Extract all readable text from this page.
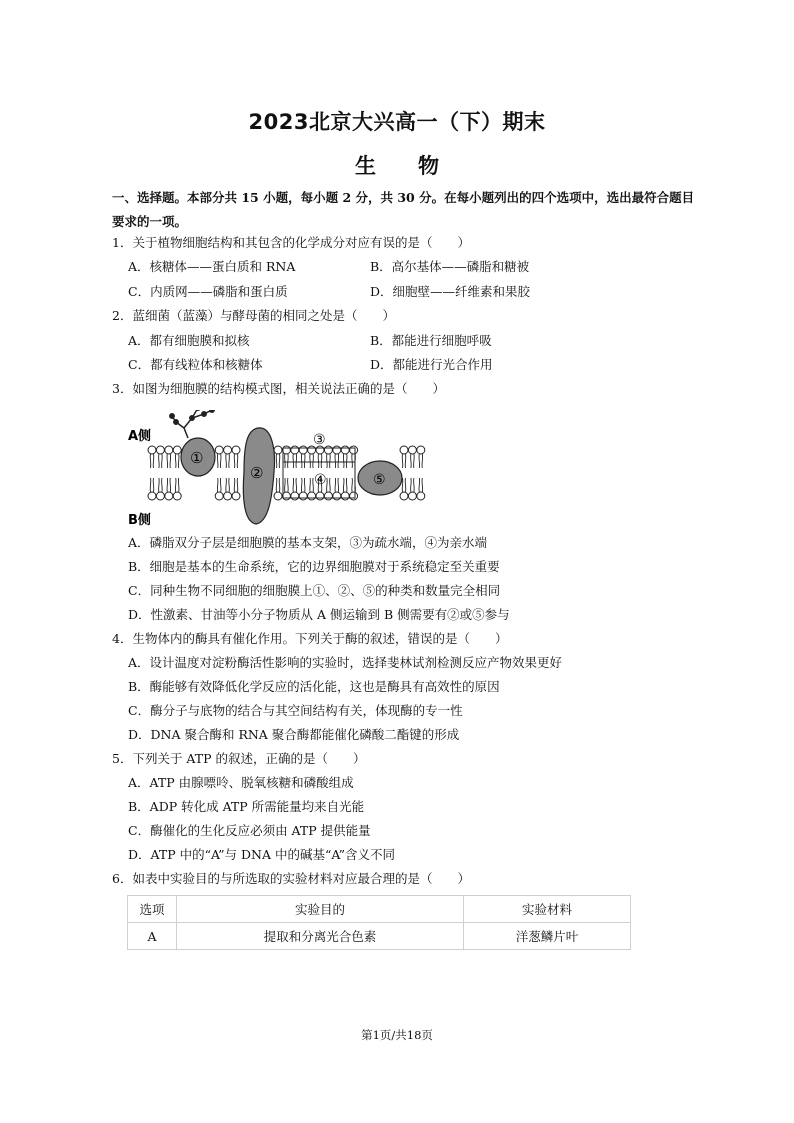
2023北京大兴高一（下）期末
生　　物
一、选择题。本部分共 15 小题，每小题 2 分，共 30 分。在每小题列出的四个选项中，选出最符合题目要求的一项。
1．关于植物细胞结构和其包含的化学成分对应有误的是（　　）
A．核糖体——蛋白质和 RNA	B．高尔基体——磷脂和糖被
C．内质网——磷脂和蛋白质	D．细胞壁——纤维素和果胶
2．蓝细菌（蓝藻）与酵母菌的相同之处是（　　）
A．都有细胞膜和拟核	B．都能进行细胞呼吸
C．都有线粒体和核糖体	D．都能进行光合作用
3．如图为细胞膜的结构模式图，相关说法正确的是（　　）
①
②
③
④	⑤
A侧
B侧
A．磷脂双分子层是细胞膜的基本支架，③为疏水端，④为亲水端
B．细胞是基本的生命系统，它的边界细胞膜对于系统稳定至关重要
C．同种生物不同细胞的细胞膜上①、②、⑤的种类和数量完全相同
D．性激素、甘油等小分子物质从 A 侧运输到 B 侧需要有②或⑤参与
4．生物体内的酶具有催化作用。下列关于酶的叙述，错误的是（　　）
A．设计温度对淀粉酶活性影响的实验时，选择斐林试剂检测反应产物效果更好
B．酶能够有效降低化学反应的活化能，这也是酶具有高效性的原因
C．酶分子与底物的结合与其空间结构有关，体现酶的专一性
D．DNA 聚合酶和 RNA 聚合酶都能催化磷酸二酯键的形成
5．下列关于 ATP 的叙述，正确的是（　　）
A．ATP 由腺嘌呤、脱氧核糖和磷酸组成
B．ADP 转化成 ATP 所需能量均来自光能
C．酶催化的生化反应必须由 ATP 提供能量
D．ATP 中的“A”与 DNA 中的碱基“A”含义不同
6．如表中实验目的与所选取的实验材料对应最合理的是（　　）
选项	实验目的	实验材料
A	提取和分离光合色素	洋葱鳞片叶
第1页/共18页
